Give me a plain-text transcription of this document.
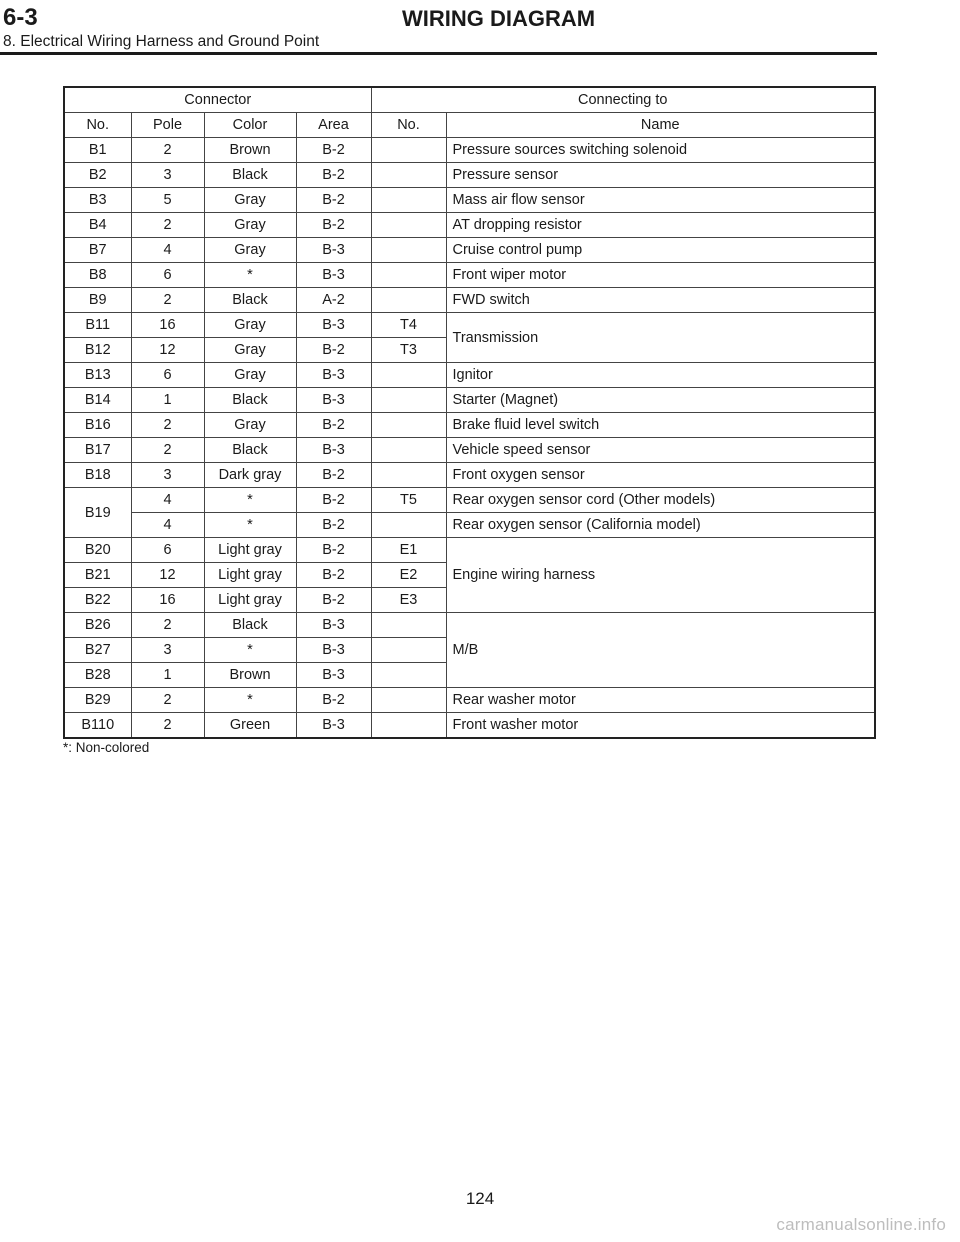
6-3	WIRING DIAGRAM
8. Electrical Wiring Harness and Ground Point
Connector				Connecting to	
No.	Pole	Color	Area	No.	Name
B1	2	Brown	B-2		Pressure sources switching solenoid
B2	3	Black	B-2		Pressure sensor
B3	5	Gray	B-2		Mass air flow sensor
B4	2	Gray	B-2		AT dropping resistor
B7	4	Gray	B-3		Cruise control pump
B8	6	*	B-3		Front wiper motor
B9	2	Black	A-2		FWD switch
B11	16	Gray	B-3	T4	Transmission
B12	12	Gray	B-2	T3	
B13	6	Gray	B-3		Ignitor
B14	1	Black	B-3		Starter (Magnet)
B16	2	Gray	B-2		Brake fluid level switch
B17	2	Black	B-3		Vehicle speed sensor
B18	3	Dark gray	B-2		Front oxygen sensor
B19	4	*	B-2	T5	Rear oxygen sensor cord (Other models)
	4	*	B-2		Rear oxygen sensor (California model)
B20	6	Light gray	B-2	E1	Engine wiring harness
B21	12	Light gray	B-2	E2	
B22	16	Light gray	B-2	E3	
B26	2	Black	B-3		M/B
B27	3	*	B-3		
B28	1	Brown	B-3		
B29	2	*	B-2		Rear washer motor
B110	2	Green	B-3		Front washer motor
*: Non-colored
124
carmanualsonline.info
